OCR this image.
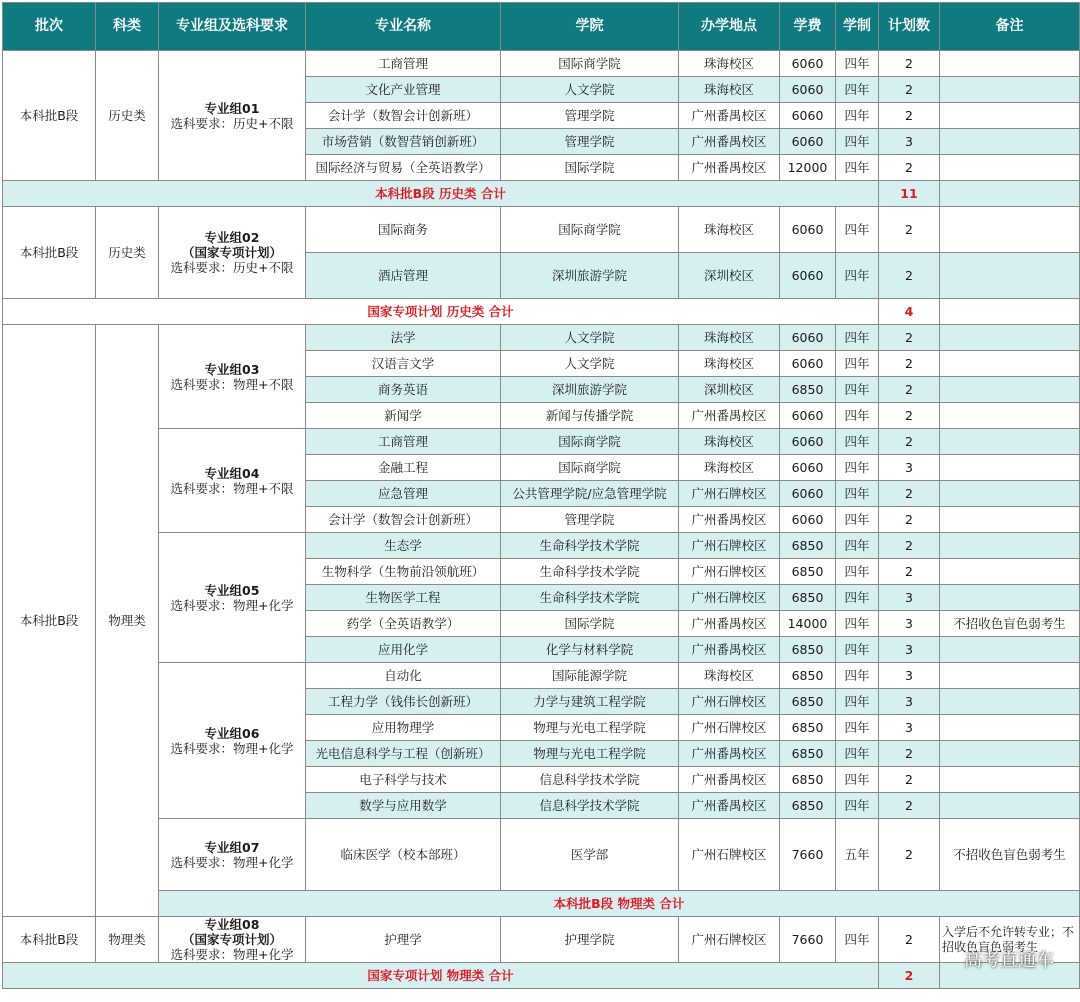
批次	科类	专业组及选科要求	专业名称	学院	办学地点	学费	学制	计划数	备注	
本科批B段	历史类	专业组01
选科要求：历史+不限	工商管理	国际商学院	珠海校区	6060	四年	2		
			文化产业管理	人文学院	珠海校区	6060	四年	2		
			会计学（数智会计创新班）	管理学院	广州番禺校区	6060	四年	2		
			市场营销（数智营销创新班）	管理学院	广州番禺校区	6060	四年	3		
			国际经济与贸易（全英语教学）	国际学院	广州番禺校区	12000	四年	2		
本科批B段 历史类 合计								11		
本科批B段	历史类	专业组02
（国家专项计划）
选科要求：历史+不限	国际商务	国际商学院	珠海校区	6060	四年	2		
			酒店管理	深圳旅游学院	深圳校区	6060	四年	2		
国家专项计划 历史类 合计								4		
本科批B段	物理类	专业组03
选科要求：物理+不限	法学	人文学院	珠海校区	6060	四年	2		
			汉语言文学	人文学院	珠海校区	6060	四年	2		
			商务英语	深圳旅游学院	深圳校区	6850	四年	2		
			新闻学	新闻与传播学院	广州番禺校区	6060	四年	2		

		专业组04
选科要求：物理+不限	工商管理	国际商学院	珠海校区	6060	四年	2		
			金融工程	国际商学院	珠海校区	6060	四年	3		
			应急管理	公共管理学院/应急管理学院	广州石牌校区	6060	四年	2		
			会计学（数智会计创新班）	管理学院	广州番禺校区	6060	四年	2		

		专业组05
选科要求：物理+化学	生态学	生命科学技术学院	广州石牌校区	6850	四年	2		
			生物科学（生物前沿领航班）	生命科学技术学院	广州石牌校区	6850	四年	2		
			生物医学工程	生命科学技术学院	广州石牌校区	6850	四年	3		
			药学（全英语教学）	国际学院	广州番禺校区	14000	四年	3	不招收色盲色弱考生	
			应用化学	化学与材料学院	广州番禺校区	6850	四年	3		

		专业组06
选科要求：物理+化学	自动化	国际能源学院	珠海校区	6850	四年	3		
			工程力学（钱伟长创新班）	力学与建筑工程学院	广州石牌校区	6850	四年	3		
			应用物理学	物理与光电工程学院	广州石牌校区	6850	四年	3		
			光电信息科学与工程（创新班）	物理与光电工程学院	广州番禺校区	6850	四年	2		
			电子科学与技术	信息科学技术学院	广州番禺校区	6850	四年	2		
			数学与应用数学	信息科学技术学院	广州番禺校区	6850	四年	2		

		专业组07
选科要求：物理+化学	临床医学（校本部班）	医学部	广州石牌校区	7660	五年	2	不招收色盲色弱考生	
		本科批B段 物理类 合计		
本科批B段	物理类	专业组08
（国家专项计划）
选科要求：物理+化学	护理学	护理学院	广州石牌校区	7660	四年	2	入学后不允许转专业；不招收色盲色弱考生	
国家专项计划 物理类 合计								2		
高考直通车
